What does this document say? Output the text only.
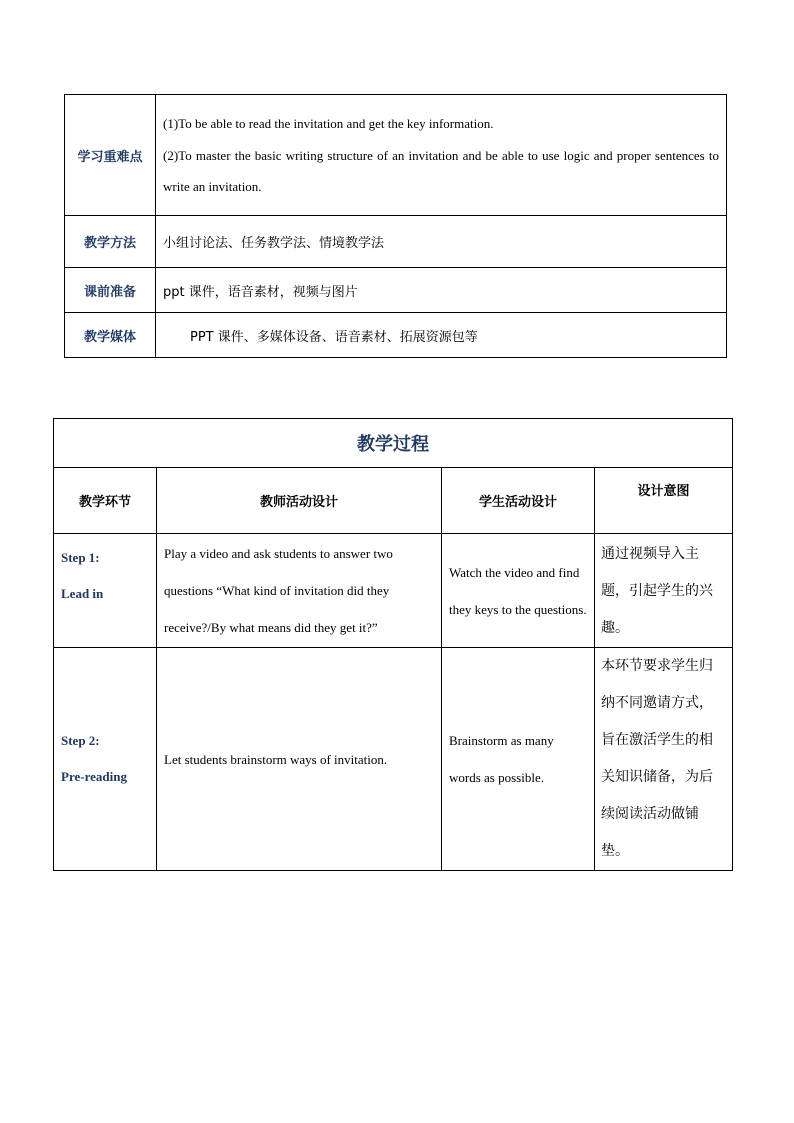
学习重难点	(1)To be able to read the invitation and get the key information.
(2)To master the basic writing structure of an invitation and be able to use logic and proper sentences to write an invitation.

教学方法	小组讨论法、任务教学法、情境教学法
课前准备	ppt 课件，语音素材，视频与图片
教学媒体	PPT 课件、多媒体设备、语音素材、拓展资源包等
教学过程			
教学环节	教师活动设计	学生活动设计	设计意图

Step 1:
Lead in	Play a video and ask students to answer two questions “What kind of invitation did they receive?/By what means did they get it?”	Watch the video and find they keys to the questions.	通过视频导入主题，引起学生的兴趣。

Step 2:
Pre-reading	Let students brainstorm ways of invitation.	Brainstorm as many words as possible.	本环节要求学生归纳不同邀请方式，旨在激活学生的相关知识储备，为后续阅读活动做铺垫。
